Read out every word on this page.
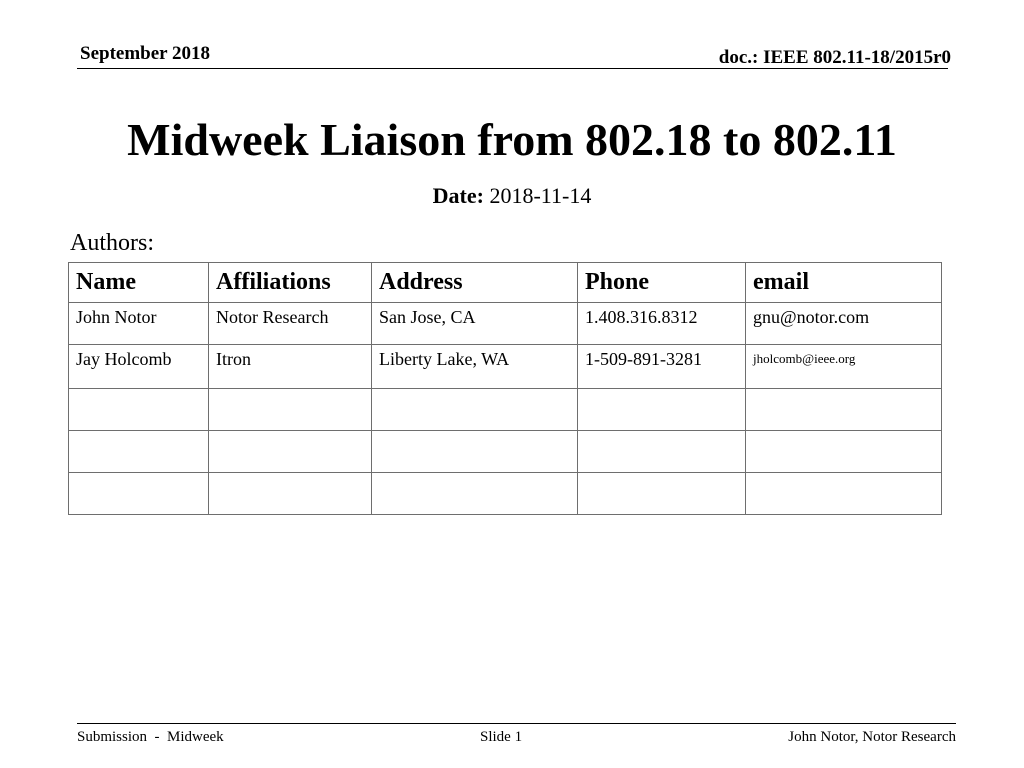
September 2018	doc.: IEEE 802.11-18/2015r0
Midweek Liaison from 802.18 to 802.11
Date: 2018-11-14
Authors:
Name	Affiliations	Address	Phone	email
John Notor	Notor Research	San Jose, CA	1.408.316.8312	gnu@notor.com
Jay Holcomb	Itron	Liberty Lake, WA	1-509-891-3281	jholcomb@ieee.org

Submission  -  Midweek	Slide 1	John Notor, Notor Research
